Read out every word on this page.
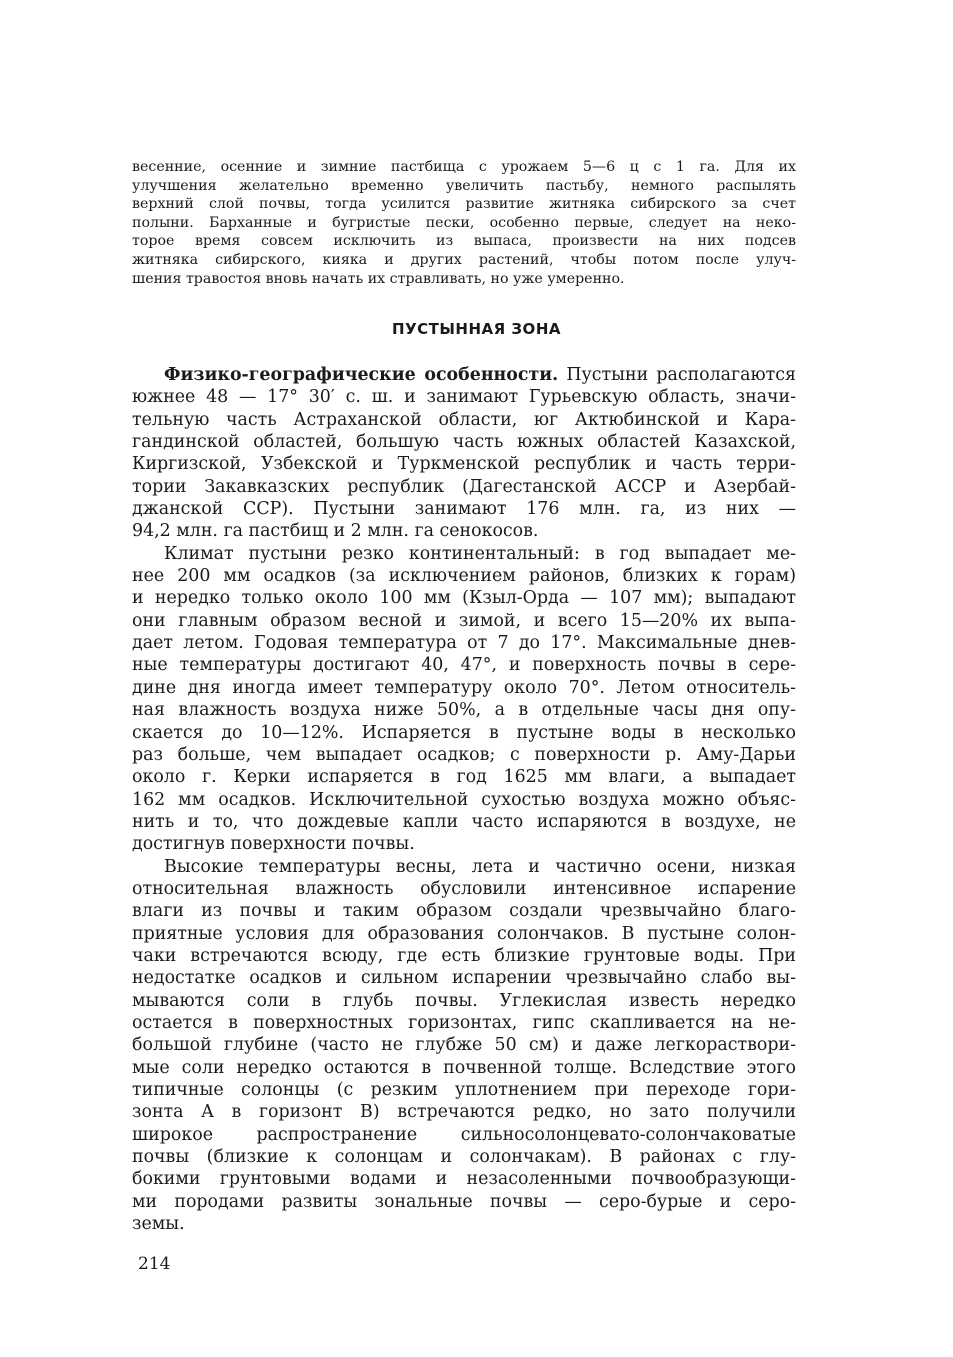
весенние, осенние и зимние пастбища с урожаем 5—6 ц с 1 га. Для их
улучшения желательно временно увеличить пастьбу, немного распылять
верхний слой почвы, тогда усилится развитие житняка сибирского за счет
полыни. Барханные и бугристые пески, особенно первые, следует на неко-
торое время совсем исключить из выпаса, произвести на них подсев
житняка сибирского, кияка и других растений, чтобы потом после улуч-
шения травостоя вновь начать их стравливать, но уже умеренно.
ПУСТЫННАЯ ЗОНА
Физико-географические особенности. Пустыни располагаются
южнее 48 — 17° 30′ с. ш. и занимают Гурьевскую область, значи-
тельную часть Астраханской области, юг Актюбинской и Кара-
гандинской областей, большую часть южных областей Казахской,
Киргизской, Узбекской и Туркменской республик и часть терри-
тории Закавказских республик (Дагестанской АССР и Азербай-
джанской ССР). Пустыни занимают 176 млн. га, из них —
94,2 млн. га пастбищ и 2 млн. га сенокосов.
Климат пустыни резко континентальный: в год выпадает ме-
нее 200 мм осадков (за исключением районов, близких к горам)
и нередко только около 100 мм (Кзыл-Орда — 107 мм); выпадают
они главным образом весной и зимой, и всего 15—20% их выпа-
дает летом. Годовая температура от 7 до 17°. Максимальные днев-
ные температуры достигают 40, 47°, и поверхность почвы в сере-
дине дня иногда имеет температуру около 70°. Летом относитель-
ная влажность воздуха ниже 50%, а в отдельные часы дня опу-
скается до 10—12%. Испаряется в пустыне воды в несколько
раз больше, чем выпадает осадков; с поверхности р. Аму-Дарьи
около г. Керки испаряется в год 1625 мм влаги, а выпадает
162 мм осадков. Исключительной сухостью воздуха можно объяс-
нить и то, что дождевые капли часто испаряются в воздухе, не
достигнув поверхности почвы.
Высокие температуры весны, лета и частично осени, низкая
относительная влажность обусловили интенсивное испарение
влаги из почвы и таким образом создали чрезвычайно благо-
приятные условия для образования солончаков. В пустыне солон-
чаки встречаются всюду, где есть близкие грунтовые воды. При
недостатке осадков и сильном испарении чрезвычайно слабо вы-
мываются соли в глубь почвы. Углекислая известь нередко
остается в поверхностных горизонтах, гипс скапливается на не-
большой глубине (часто не глубже 50 см) и даже легкораствори-
мые соли нередко остаются в почвенной толще. Вследствие этого
типичные солонцы (с резким уплотнением при переходе гори-
зонта A в горизонт B) встречаются редко, но зато получили
широкое распространение сильносолонцевато-солончаковатые
почвы (близкие к солонцам и солончакам). В районах с глу-
бокими грунтовыми водами и незасоленными почвообразующи-
ми породами развиты зональные почвы — серо-бурые и серо-
земы.
214
